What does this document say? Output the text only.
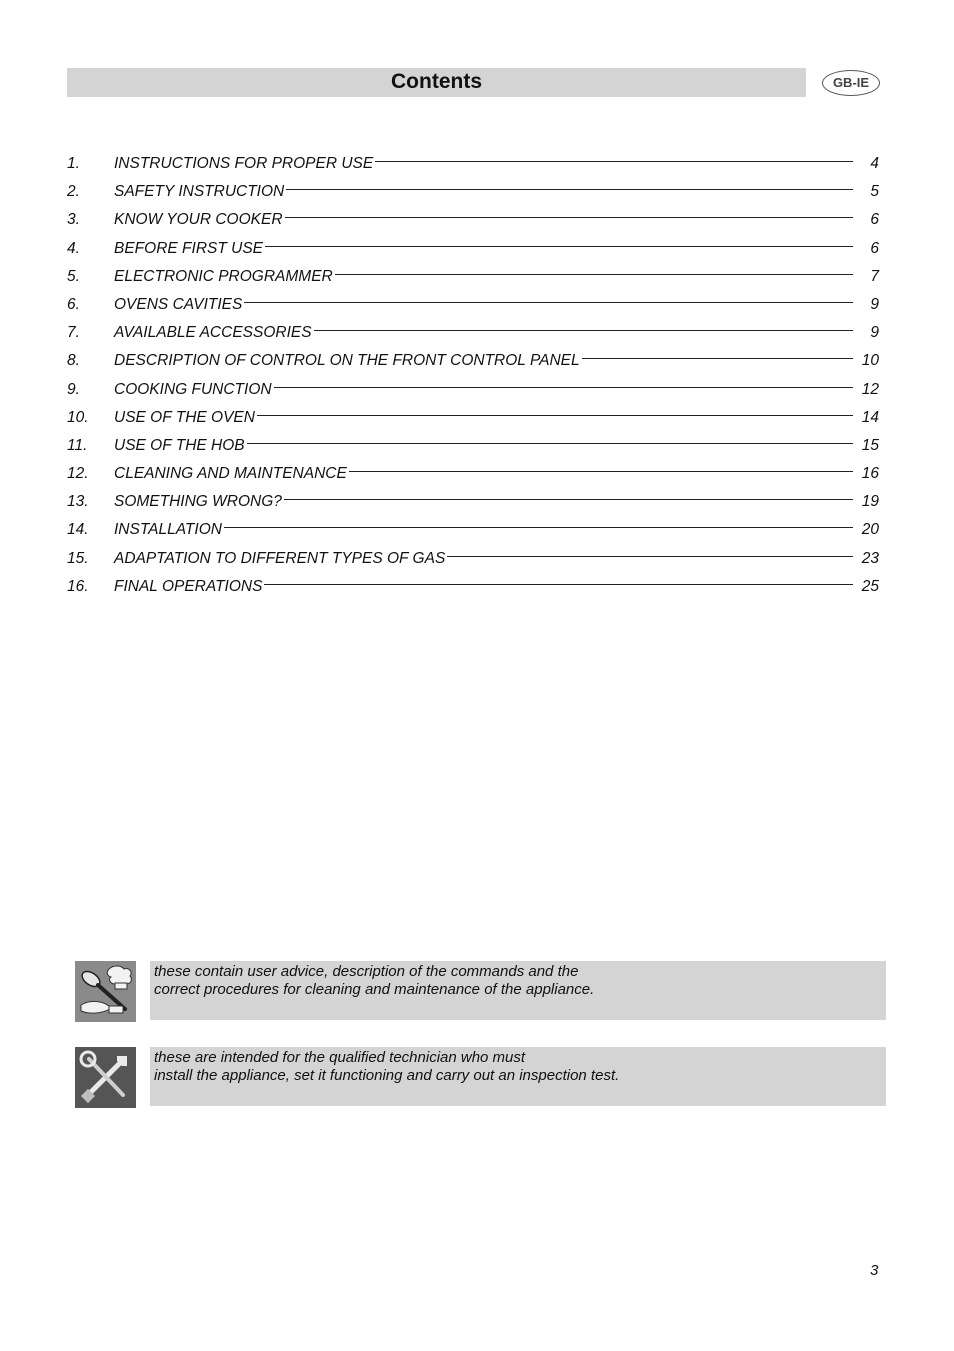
Contents	GB-IE
1.	INSTRUCTIONS FOR PROPER USE	4
2.	SAFETY INSTRUCTION	5
3.	KNOW YOUR COOKER	6
4.	BEFORE FIRST USE	6
5.	ELECTRONIC PROGRAMMER	7
6.	OVENS CAVITIES	9
7.	AVAILABLE ACCESSORIES	9
8.	DESCRIPTION OF CONTROL ON THE FRONT CONTROL PANEL	10
9.	COOKING FUNCTION	12
10.	USE OF THE OVEN	14
11.	USE OF THE HOB	15
12.	CLEANING AND MAINTENANCE	16
13.	SOMETHING WRONG?	19
14.	INSTALLATION	20
15.	ADAPTATION TO DIFFERENT TYPES OF GAS	23
16.	FINAL OPERATIONS	25
these contain user advice, description of the commands and the
correct procedures for cleaning and maintenance of the appliance.
these are intended for the qualified technician who must
install the appliance, set it functioning and carry out an inspection test.
3
